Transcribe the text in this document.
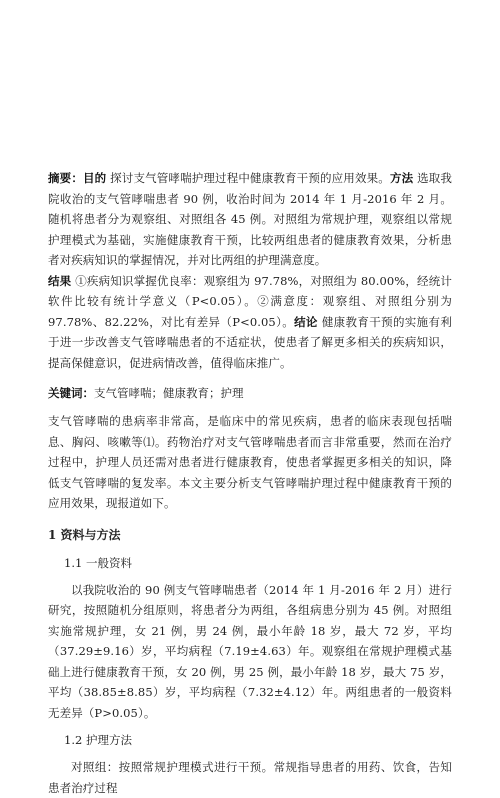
摘要：目的 探讨支气管哮喘护理过程中健康教育干预的应用效果。方法 选取我院收治的支气管哮喘患者 90 例，收治时间为 2014 年 1 月-2016 年 2 月。随机将患者分为观察组、对照组各 45 例。对照组为常规护理，观察组以常规护理模式为基础，实施健康教育干预，比较两组患者的健康教育效果，分析患者对疾病知识的掌握情况，并对比两组的护理满意度。

结果 ①疾病知识掌握优良率：观察组为 97.78%，对照组为 80.00%，经统计软件比较有统计学意义（P<0.05）。②满意度：观察组、对照组分别为 97.78%、82.22%，对比有差异（P<0.05）。结论 健康教育干预的实施有利于进一步改善支气管哮喘患者的不适症状，使患者了解更多相关的疾病知识，提高保健意识，促进病情改善，值得临床推广。

关键词：支气管哮喘；健康教育；护理

支气管哮喘的患病率非常高，是临床中的常见疾病，患者的临床表现包括喘息、胸闷、咳嗽等⑴。药物治疗对支气管哮喘患者而言非常重要，然而在治疗过程中，护理人员还需对患者进行健康教育，使患者掌握更多相关的知识，降低支气管哮喘的复发率。本文主要分析支气管哮喘护理过程中健康教育干预的应用效果，现报道如下。

1 资料与方法
1.1 一般资料

以我院收治的 90 例支气管哮喘患者（2014 年 1 月-2016 年 2 月）进行研究，按照随机分组原则，将患者分为两组，各组病患分别为 45 例。对照组实施常规护理，女 21 例，男 24 例，最小年龄 18 岁，最大 72 岁，平均（37.29±9.16）岁，平均病程（7.19±4.63）年。观察组在常规护理模式基础上进行健康教育干预，女 20 例，男 25 例，最小年龄 18 岁，最大 75 岁，平均（38.85±8.85）岁，平均病程（7.32±4.12）年。两组患者的一般资料无差异（P>0.05）。

1.2 护理方法

对照组：按照常规护理模式进行干预。常规指导患者的用药、饮食，告知患者治疗过程
